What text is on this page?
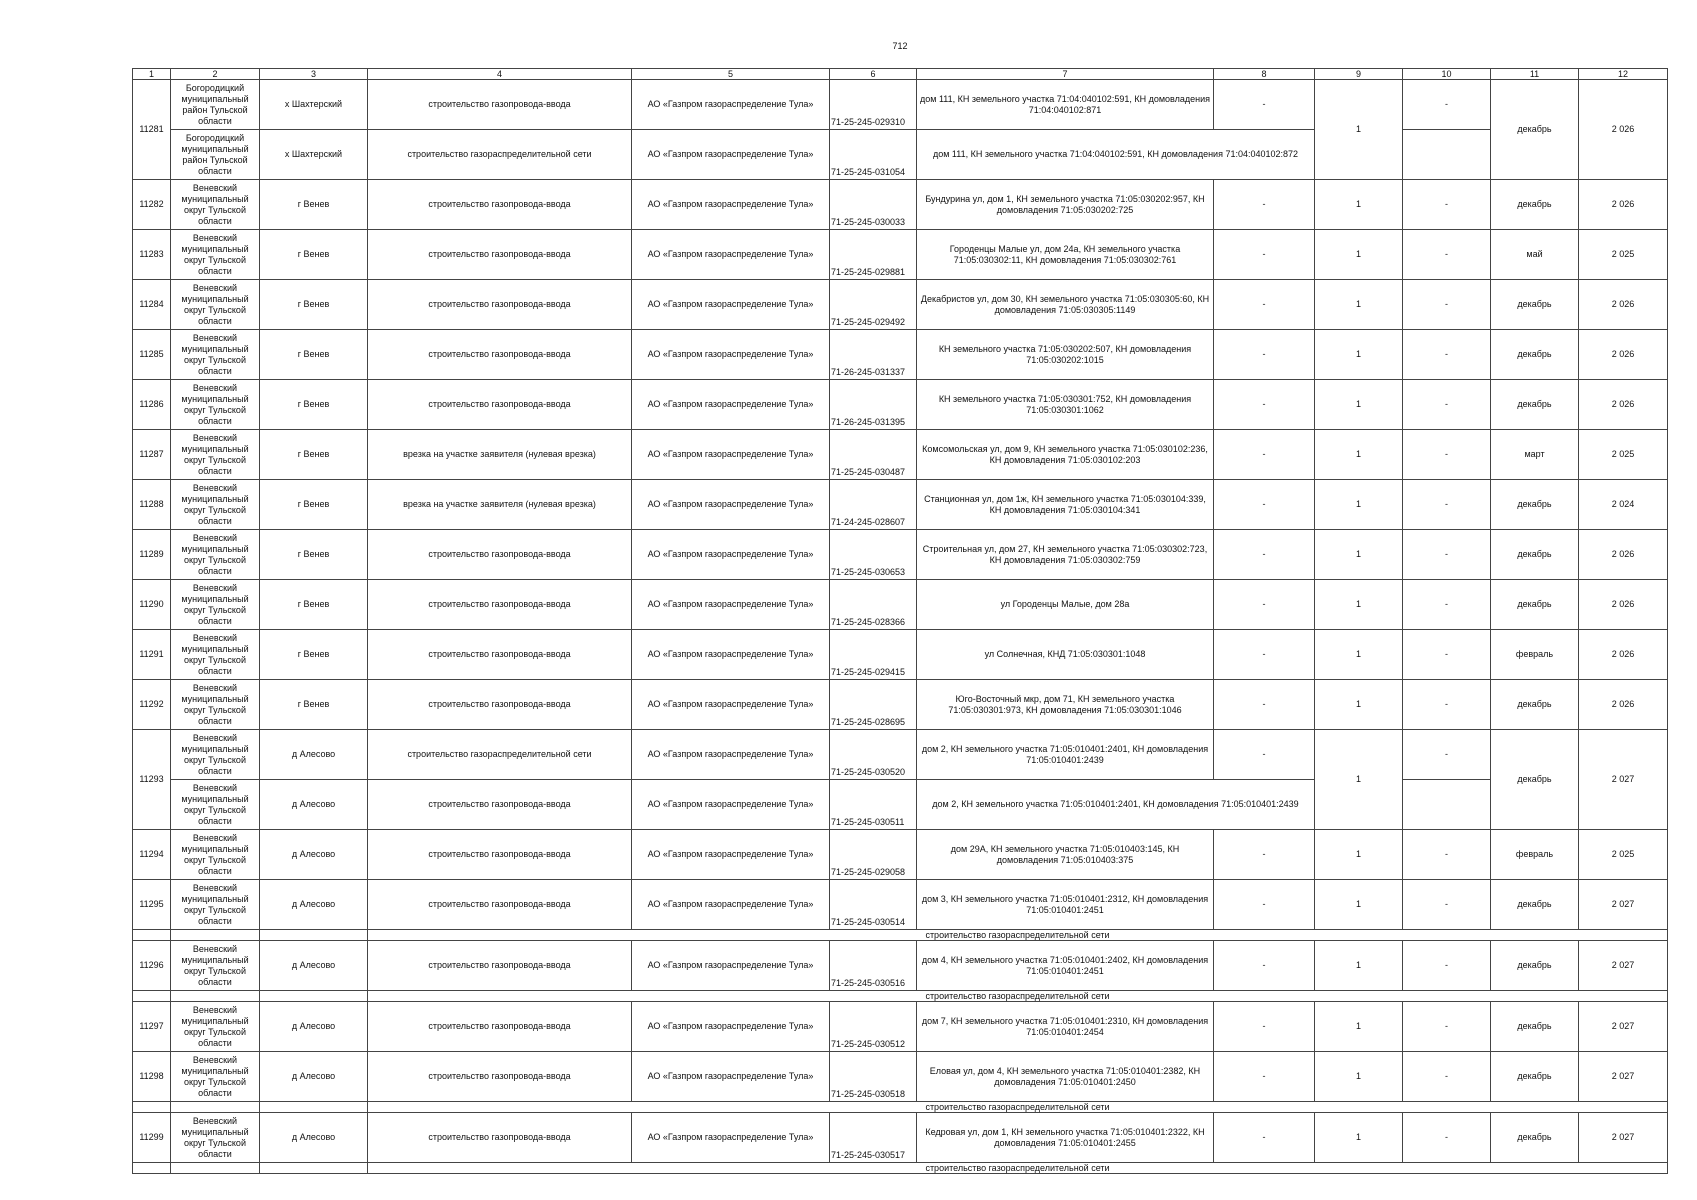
712
1	2	3	4	5	6	7	8	9	10	11	12
11281	Богородицкий муниципальный район Тульской области	х Шахтерский	строительство газопровода-ввода	АО «Газпром газораспределение Тула»	71-25-245-029310	дом 111, КН земельного участка 71:04:040102:591, КН домовладения 71:04:040102:871	-	1	-	декабрь	2 026
	Богородицкий муниципальный район Тульской области	х Шахтерский	строительство газораспределительной сети	АО «Газпром газораспределение Тула»	71-25-245-031054	дом 111, КН земельного участка 71:04:040102:591, КН домовладения 71:04:040102:872					
11282	Веневский муниципальный округ Тульской области	г Венев	строительство газопровода-ввода	АО «Газпром газораспределение Тула»	71-25-245-030033	Бундурина ул, дом 1, КН земельного участка 71:05:030202:957, КН домовладения 71:05:030202:725	-	1	-	декабрь	2 026
11283	Веневский муниципальный округ Тульской области	г Венев	строительство газопровода-ввода	АО «Газпром газораспределение Тула»	71-25-245-029881	Городенцы Малые ул, дом 24а, КН земельного участка 71:05:030302:11, КН домовладения 71:05:030302:761	-	1	-	май	2 025
11284	Веневский муниципальный округ Тульской области	г Венев	строительство газопровода-ввода	АО «Газпром газораспределение Тула»	71-25-245-029492	Декабристов ул, дом 30, КН земельного участка 71:05:030305:60, КН домовладения 71:05:030305:1149	-	1	-	декабрь	2 026
11285	Веневский муниципальный округ Тульской области	г Венев	строительство газопровода-ввода	АО «Газпром газораспределение Тула»	71-26-245-031337	КН земельного участка 71:05:030202:507, КН домовладения 71:05:030202:1015	-	1	-	декабрь	2 026
11286	Веневский муниципальный округ Тульской области	г Венев	строительство газопровода-ввода	АО «Газпром газораспределение Тула»	71-26-245-031395	КН земельного участка 71:05:030301:752, КН домовладения 71:05:030301:1062	-	1	-	декабрь	2 026
11287	Веневский муниципальный округ Тульской области	г Венев	врезка на участке заявителя (нулевая врезка)	АО «Газпром газораспределение Тула»	71-25-245-030487	Комсомольская ул, дом 9, КН земельного участка 71:05:030102:236, КН домовладения 71:05:030102:203	-	1	-	март	2 025
11288	Веневский муниципальный округ Тульской области	г Венев	врезка на участке заявителя (нулевая врезка)	АО «Газпром газораспределение Тула»	71-24-245-028607	Станционная ул, дом 1ж, КН земельного участка 71:05:030104:339, КН домовладения 71:05:030104:341	-	1	-	декабрь	2 024
11289	Веневский муниципальный округ Тульской области	г Венев	строительство газопровода-ввода	АО «Газпром газораспределение Тула»	71-25-245-030653	Строительная ул, дом 27, КН земельного участка 71:05:030302:723, КН домовладения 71:05:030302:759	-	1	-	декабрь	2 026
11290	Веневский муниципальный округ Тульской области	г Венев	строительство газопровода-ввода	АО «Газпром газораспределение Тула»	71-25-245-028366	ул Городенцы Малые, дом 28а	-	1	-	декабрь	2 026
11291	Веневский муниципальный округ Тульской области	г Венев	строительство газопровода-ввода	АО «Газпром газораспределение Тула»	71-25-245-029415	ул Солнечная, КНД 71:05:030301:1048	-	1	-	февраль	2 026
11292	Веневский муниципальный округ Тульской области	г Венев	строительство газопровода-ввода	АО «Газпром газораспределение Тула»	71-25-245-028695	Юго-Восточный мкр, дом 71, КН земельного участка 71:05:030301:973, КН домовладения 71:05:030301:1046	-	1	-	декабрь	2 026
11293	Веневский муниципальный округ Тульской области	д Алесово	строительство газораспределительной сети	АО «Газпром газораспределение Тула»	71-25-245-030520	дом 2, КН земельного участка 71:05:010401:2401, КН домовладения 71:05:010401:2439	-	1	-	декабрь	2 027
	Веневский муниципальный округ Тульской области	д Алесово	строительство газопровода-ввода	АО «Газпром газораспределение Тула»	71-25-245-030511	дом 2, КН земельного участка 71:05:010401:2401, КН домовладения 71:05:010401:2439					
11294	Веневский муниципальный округ Тульской области	д Алесово	строительство газопровода-ввода	АО «Газпром газораспределение Тула»	71-25-245-029058	дом 29А, КН земельного участка 71:05:010403:145, КН домовладения 71:05:010403:375	-	1	-	февраль	2 025
11295	Веневский муниципальный округ Тульской области	д Алесово	строительство газопровода-ввода	АО «Газпром газораспределение Тула»	71-25-245-030514	дом 3, КН земельного участка 71:05:010401:2312, КН домовладения 71:05:010401:2451	-	1	-	декабрь	2 027
			строительство газораспределительной сети								
11296	Веневский муниципальный округ Тульской области	д Алесово	строительство газопровода-ввода	АО «Газпром газораспределение Тула»	71-25-245-030516	дом 4, КН земельного участка 71:05:010401:2402, КН домовладения 71:05:010401:2451	-	1	-	декабрь	2 027
			строительство газораспределительной сети								
11297	Веневский муниципальный округ Тульской области	д Алесово	строительство газопровода-ввода	АО «Газпром газораспределение Тула»	71-25-245-030512	дом 7, КН земельного участка 71:05:010401:2310, КН домовладения 71:05:010401:2454	-	1	-	декабрь	2 027
11298	Веневский муниципальный округ Тульской области	д Алесово	строительство газопровода-ввода	АО «Газпром газораспределение Тула»	71-25-245-030518	Еловая ул, дом 4, КН земельного участка 71:05:010401:2382, КН домовладения 71:05:010401:2450	-	1	-	декабрь	2 027
			строительство газораспределительной сети								
11299	Веневский муниципальный округ Тульской области	д Алесово	строительство газопровода-ввода	АО «Газпром газораспределение Тула»	71-25-245-030517	Кедровая ул, дом 1, КН земельного участка 71:05:010401:2322, КН домовладения 71:05:010401:2455	-	1	-	декабрь	2 027
			строительство газораспределительной сети								
